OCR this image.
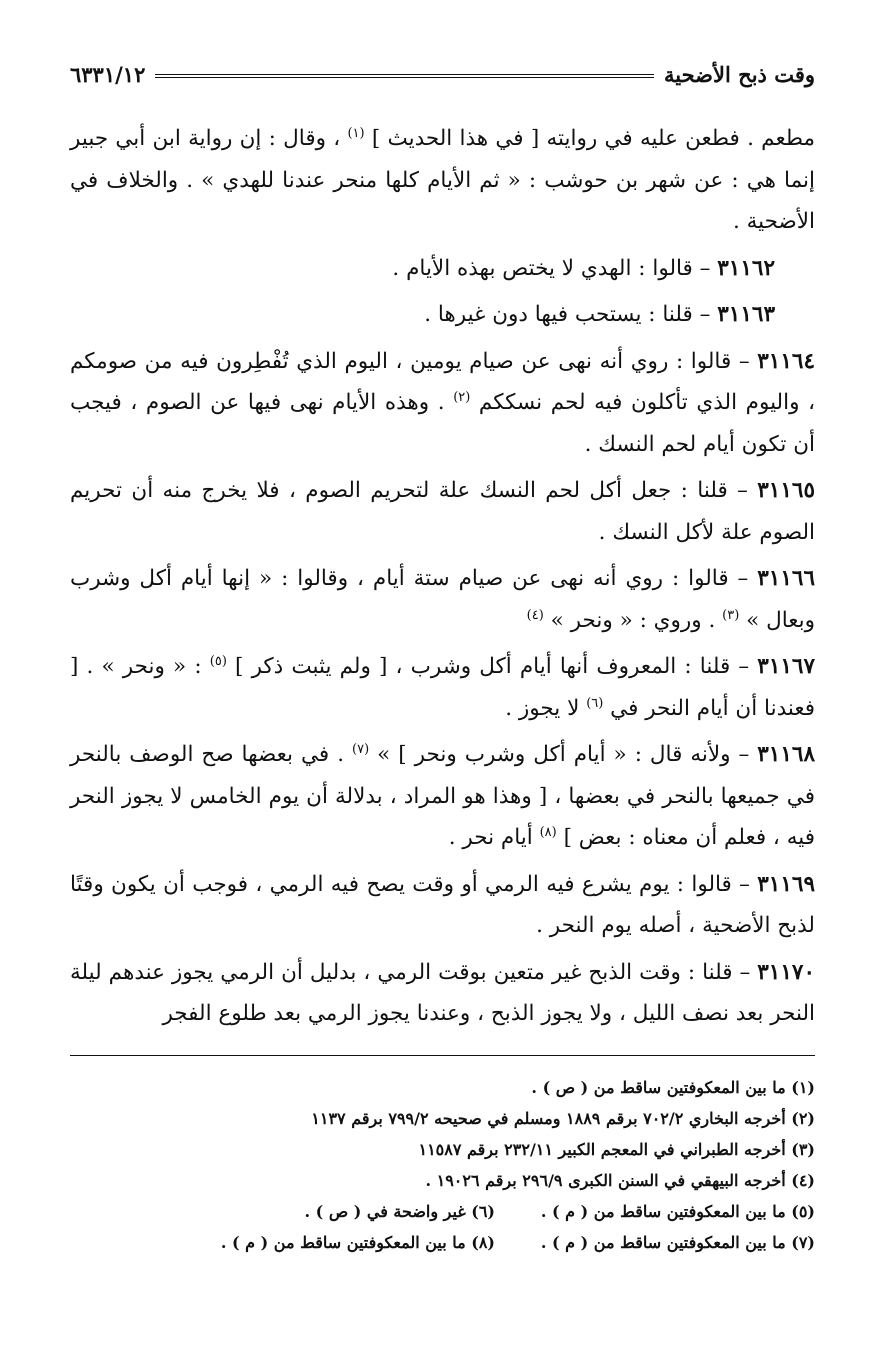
وقت ذبح الأضحية
٦٣٣١/١٢

مطعم . فطعن عليه في روايته [ في هذا الحديث ] $^{(١)}$ ، وقال : إن رواية ابن أبي جبير إنما هي : عن شهر بن حوشب : « ثم الأيام كلها منحر عندنا للهدي » . والخلاف في الأضحية .

٣١١٦٢ – قالوا : الهدي لا يختص بهذه الأيام .

٣١١٦٣ – قلنا : يستحب فيها دون غيرها .

٣١١٦٤ – قالوا : روي أنه نهى عن صيام يومين ، اليوم الذي تُفْطِرون فيه من صومكم ، واليوم الذي تأكلون فيه لحم نسككم $^{(٢)}$ . وهذه الأيام نهى فيها عن الصوم ، فيجب أن تكون أيام لحم النسك .

٣١١٦٥ – قلنا : جعل أكل لحم النسك علة لتحريم الصوم ، فلا يخرج منه أن تحريم الصوم علة لأكل النسك .

٣١١٦٦ – قالوا : روي أنه نهى عن صيام ستة أيام ، وقالوا : « إنها أيام أكل وشرب وبعال » $^{(٣)}$ . وروي : « ونحر » $^{(٤)}$

٣١١٦٧ – قلنا : المعروف أنها أيام أكل وشرب ، [ ولم يثبت ذكر ] $^{(٥)}$ : « ونحر » . [ فعندنا أن أيام النحر في $^{(٦)}$ لا يجوز .

٣١١٦٨ – ولأنه قال : « أيام أكل وشرب ونحر ] » $^{(٧)}$ . في بعضها صح الوصف بالنحر في جميعها بالنحر في بعضها ، [ وهذا هو المراد ، بدلالة أن يوم الخامس لا يجوز النحر فيه ، فعلم أن معناه : بعض ] $^{(٨)}$ أيام نحر .

٣١١٦٩ – قالوا : يوم يشرع فيه الرمي أو وقت يصح فيه الرمي ، فوجب أن يكون وقتًا لذبح الأضحية ، أصله يوم النحر .

٣١١٧٠ – قلنا : وقت الذبح غير متعين بوقت الرمي ، بدليل أن الرمي يجوز عندهم ليلة النحر بعد نصف الليل ، ولا يجوز الذبح ، وعندنا يجوز الرمي بعد طلوع الفجر

(١) ما بين المعكوفتين ساقط من ( ص ) .
(٢) أخرجه البخاري ٧٠٢/٢ برقم ١٨٨٩ ومسلم في صحيحه ٧٩٩/٢ برقم ١١٣٧
(٣) أخرجه الطبراني في المعجم الكبير ٢٣٢/١١ برقم ١١٥٨٧
(٤) أخرجه البيهقي في السنن الكبرى ٢٩٦/٩ برقم ١٩٠٢٦ .
(٥) ما بين المعكوفتين ساقط من ( م ) .
(٦) غير واضحة في ( ص ) .
(٧) ما بين المعكوفتين ساقط من ( م ) .
(٨) ما بين المعكوفتين ساقط من ( م ) .
